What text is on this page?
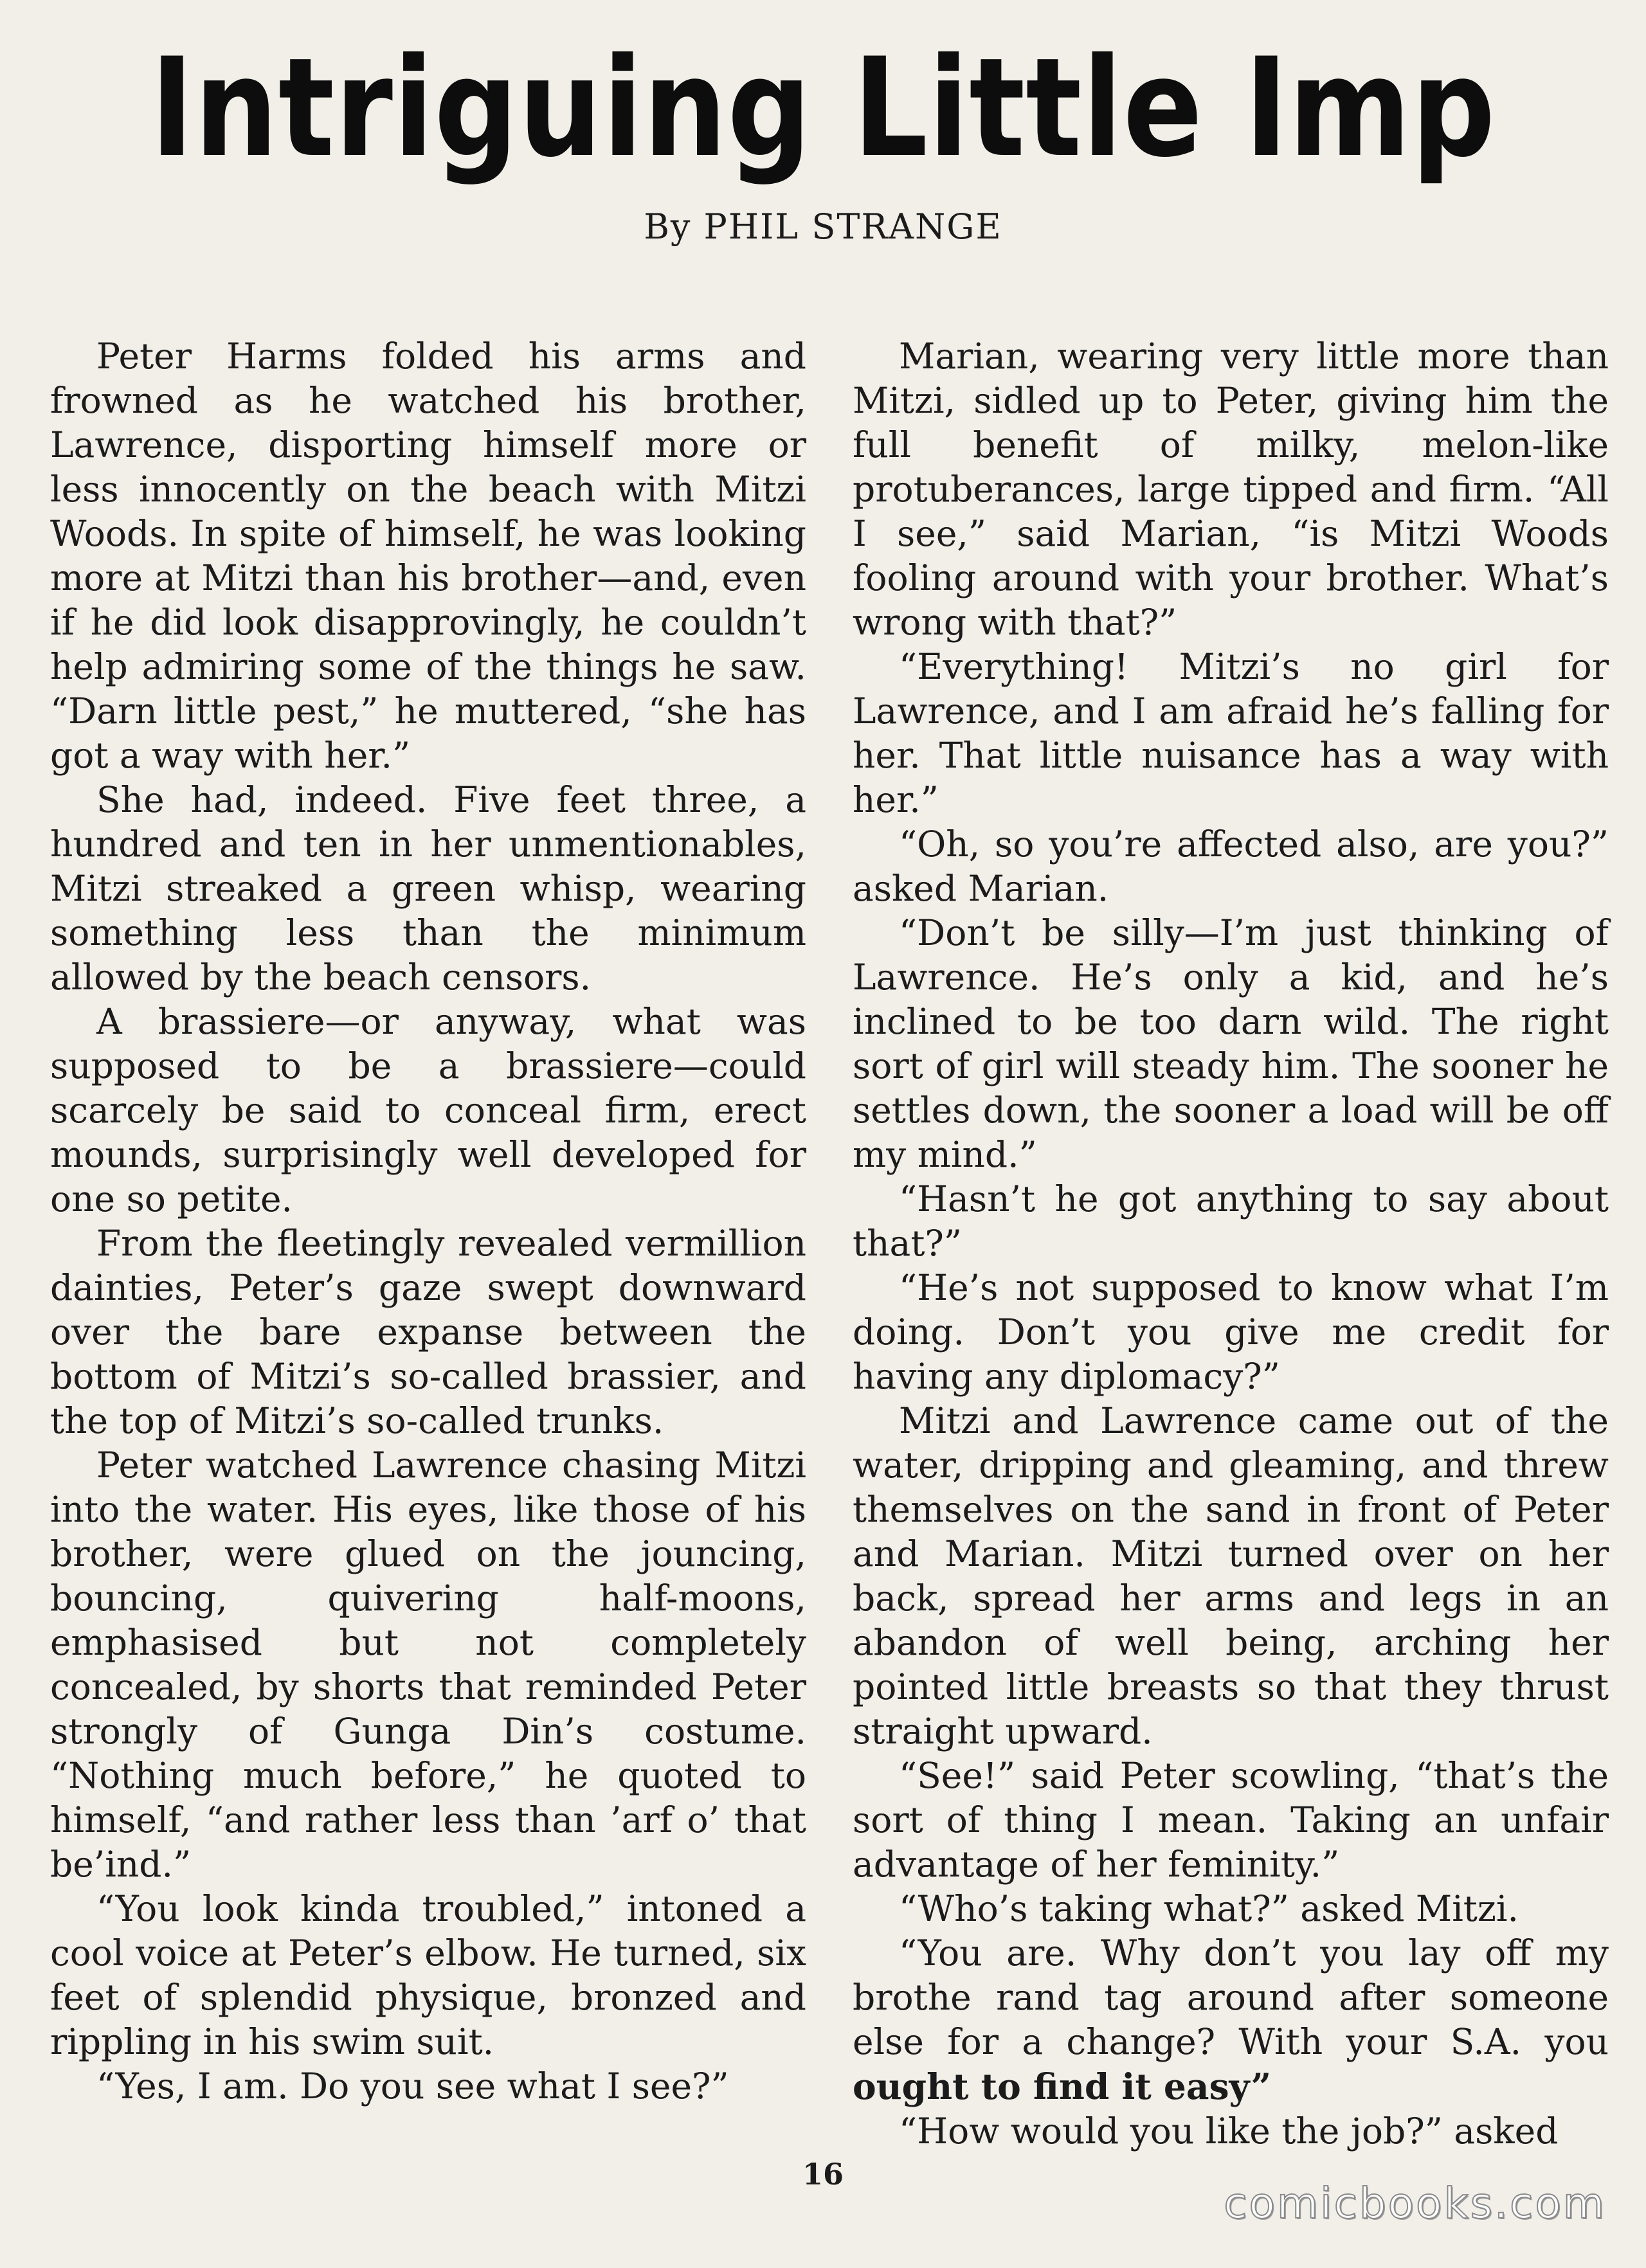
Intriguing Little Imp
By PHIL STRANGE

Peter Harms folded his arms and frowned as he watched his brother, Lawrence, disporting himself more or less innocently on the beach with Mitzi Woods. In spite of himself, he was looking more at Mitzi than his brother—and, even if he did look disapprovingly, he couldn’t help admiring some of the things he saw. “Darn little pest,” he muttered, “she has got a way with her.”

She had, indeed. Five feet three, a hundred and ten in her unmentionables, Mitzi streaked a green whisp, wearing something less than the minimum allowed by the beach censors.

A brassiere—or anyway, what was supposed to be a brassiere—could scarcely be said to conceal firm, erect mounds, surprisingly well developed for one so petite.

From the fleetingly revealed vermillion dainties, Peter’s gaze swept downward over the bare expanse between the bottom of Mitzi’s so-called brassier, and the top of Mitzi’s so-called trunks.

Peter watched Lawrence chasing Mitzi into the water. His eyes, like those of his brother, were glued on the jouncing, bouncing, quivering half-moons, emphasised but not completely concealed, by shorts that reminded Peter strongly of Gunga Din’s costume. “Nothing much before,” he quoted to himself, “and rather less than ’arf o’ that be’ind.”

“You look kinda troubled,” intoned a cool voice at Peter’s elbow. He turned, six feet of splendid physique, bronzed and rippling in his swim suit.

“Yes, I am. Do you see what I see?”

Marian, wearing very little more than Mitzi, sidled up to Peter, giving him the full benefit of milky, melon-like protuberances, large tipped and firm. “All I see,” said Marian, “is Mitzi Woods fooling around with your brother. What’s wrong with that?”

“Everything! Mitzi’s no girl for Lawrence, and I am afraid he’s falling for her. That little nuisance has a way with her.”

“Oh, so you’re affected also, are you?” asked Marian.

“Don’t be silly—I’m just thinking of Lawrence. He’s only a kid, and he’s inclined to be too darn wild. The right sort of girl will steady him. The sooner he settles down, the sooner a load will be off my mind.”

“Hasn’t he got anything to say about that?”

“He’s not supposed to know what I’m doing. Don’t you give me credit for having any diplomacy?”

Mitzi and Lawrence came out of the water, dripping and gleaming, and threw themselves on the sand in front of Peter and Marian. Mitzi turned over on her back, spread her arms and legs in an abandon of well being, arching her pointed little breasts so that they thrust straight upward.

“See!” said Peter scowling, “that’s the sort of thing I mean. Taking an unfair advantage of her feminity.”

“Who’s taking what?” asked Mitzi.

“You are. Why don’t you lay off my brothe rand tag around after someone else for a change? With your S.A. you ought to find it easy”

“How would you like the job?” asked

16
comicbooks.com
